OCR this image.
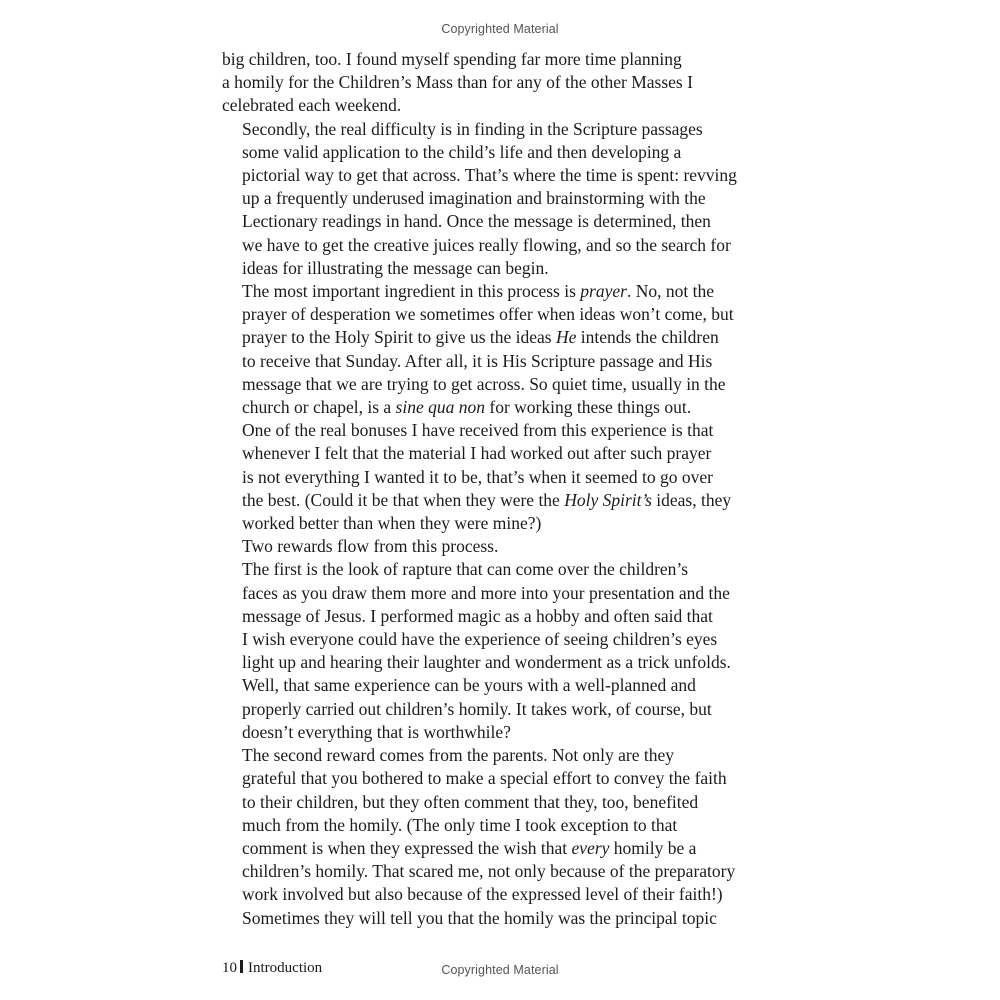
Copyrighted Material

big children, too. I found myself spending far more time planning
a homily for the Children’s Mass than for any of the other Masses I
celebrated each weekend.

Secondly, the real difficulty is in finding in the Scripture passages
some valid application to the child’s life and then developing a
pictorial way to get that across. That’s where the time is spent: revving
up a frequently underused imagination and brainstorming with the
Lectionary readings in hand. Once the message is determined, then
we have to get the creative juices really flowing, and so the search for
ideas for illustrating the message can begin.

The most important ingredient in this process is prayer. No, not the
prayer of desperation we sometimes offer when ideas won’t come, but
prayer to the Holy Spirit to give us the ideas He intends the children
to receive that Sunday. After all, it is His Scripture passage and His
message that we are trying to get across. So quiet time, usually in the
church or chapel, is a sine qua non for working these things out.

One of the real bonuses I have received from this experience is that
whenever I felt that the material I had worked out after such prayer
is not everything I wanted it to be, that’s when it seemed to go over
the best. (Could it be that when they were the Holy Spirit’s ideas, they
worked better than when they were mine?)

Two rewards flow from this process.

The first is the look of rapture that can come over the children’s
faces as you draw them more and more into your presentation and the
message of Jesus. I performed magic as a hobby and often said that
I wish everyone could have the experience of seeing children’s eyes
light up and hearing their laughter and wonderment as a trick unfolds.
Well, that same experience can be yours with a well-planned and
properly carried out children’s homily. It takes work, of course, but
doesn’t everything that is worthwhile?

The second reward comes from the parents. Not only are they
grateful that you bothered to make a special effort to convey the faith
to their children, but they often comment that they, too, benefited
much from the homily. (The only time I took exception to that
comment is when they expressed the wish that every homily be a
children’s homily. That scared me, not only because of the preparatory
work involved but also because of the expressed level of their faith!)
Sometimes they will tell you that the homily was the principal topic

10 Introduction	Copyrighted Material
